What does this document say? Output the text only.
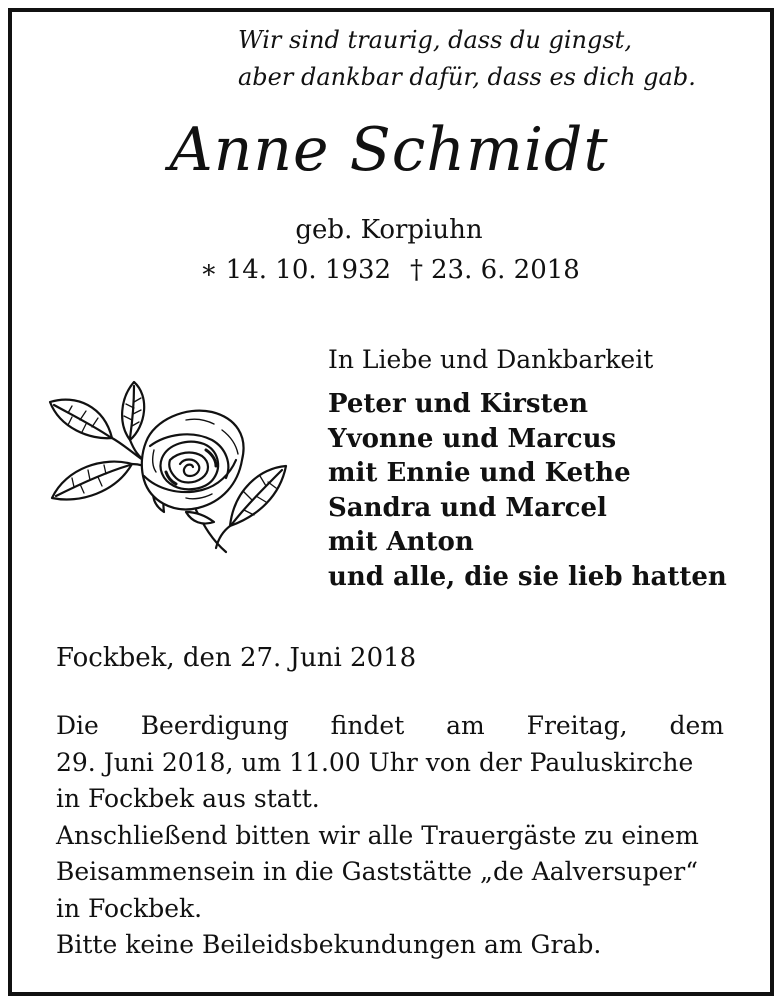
Wir sind traurig, dass du gingst,
aber dankbar dafür, dass es dich gab.
Anne Schmidt
geb. Korpiuhn
∗ 14. 10. 1932 † 23. 6. 2018
In Liebe und Dankbarkeit
Peter und Kirsten
Yvonne und Marcus
mit Ennie und Kethe
Sandra und Marcel
mit Anton
und alle, die sie lieb hatten
Fockbek, den 27. Juni 2018
Die Beerdigung findet am Freitag, dem
29. Juni 2018, um 11.00 Uhr von der Pauluskirche
in Fockbek aus statt.
Anschließend bitten wir alle Trauergäste zu einem
Beisammensein in die Gaststätte „de Aalversuper“
in Fockbek.
Bitte keine Beileidsbekundungen am Grab.
